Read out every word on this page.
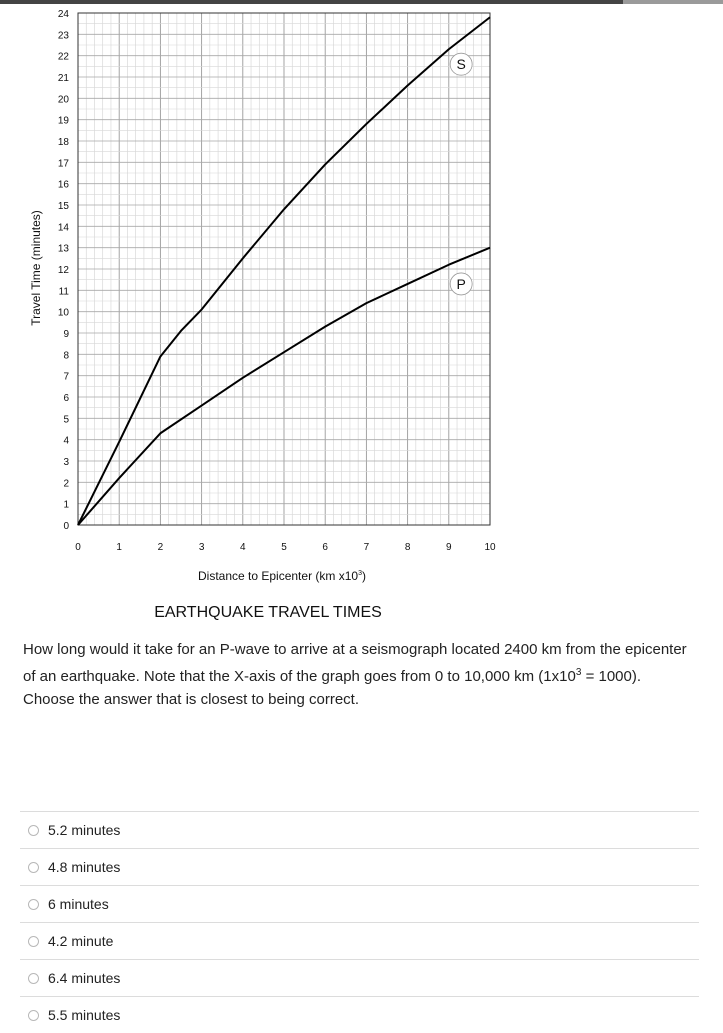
0
1
2
3
4
5
6
7
8
9
10
11
12
13
14
15
16
17
18
19
20
21
22
23
24
0	1	2	3	4	5	6	7	8	9	10
S
P
Travel Time (minutes)
Distance to Epicenter (km $x10^3$)
EARTHQUAKE TRAVEL TIMES
How long would it take for an P-wave to arrive at a seismograph located 2400 km from the epicenter of an earthquake. Note that the X-axis of the graph goes from 0 to 10,000 km $(1x10^3 = 1000)$. Choose the answer that is closest to being correct.
5.2 minutes
4.8 minutes
6 minutes
4.2 minute
6.4 minutes
5.5 minutes
